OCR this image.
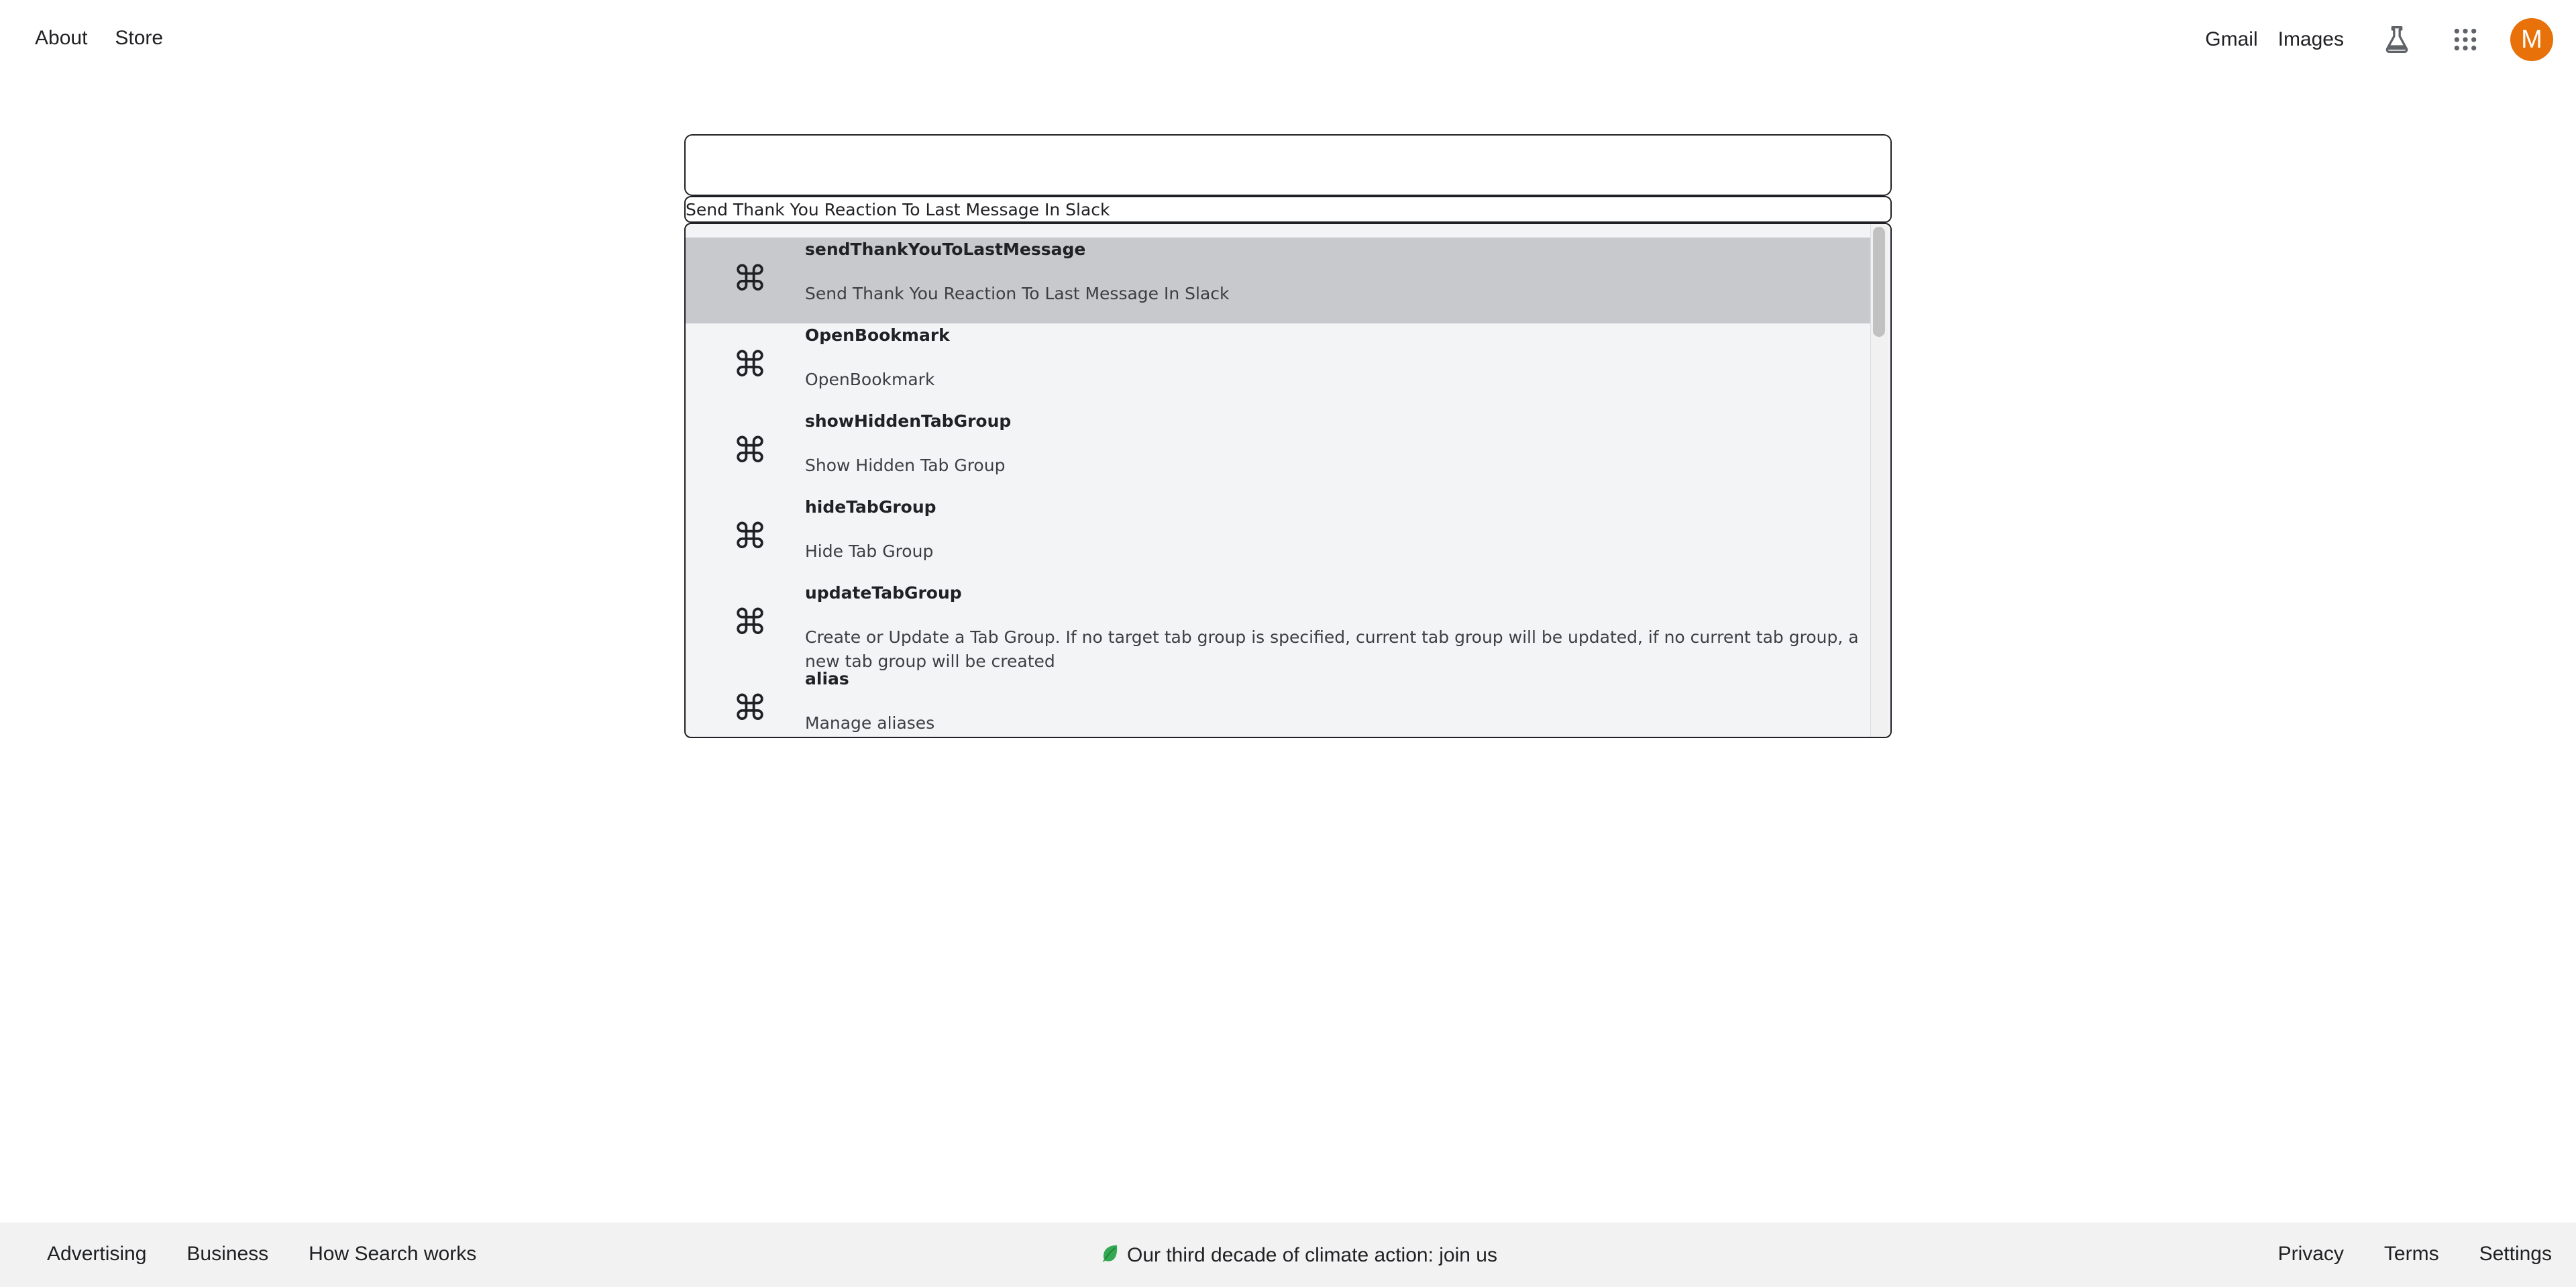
About Store	Gmail Images	M
Send Thank You Reaction To Last Message In Slack
⌘
sendThankYouToLastMessage
Send Thank You Reaction To Last Message In Slack
⌘
OpenBookmark
OpenBookmark
⌘
showHiddenTabGroup
Show Hidden Tab Group
⌘
hideTabGroup
Hide Tab Group
⌘
updateTabGroup
Create or Update a Tab Group. If no target tab group is specified, current tab group will be updated, if no current tab group, a new tab group will be created
⌘
alias
Manage aliases
Advertising Business How Search works	Our third decade of climate action: join us	Privacy Terms Settings
